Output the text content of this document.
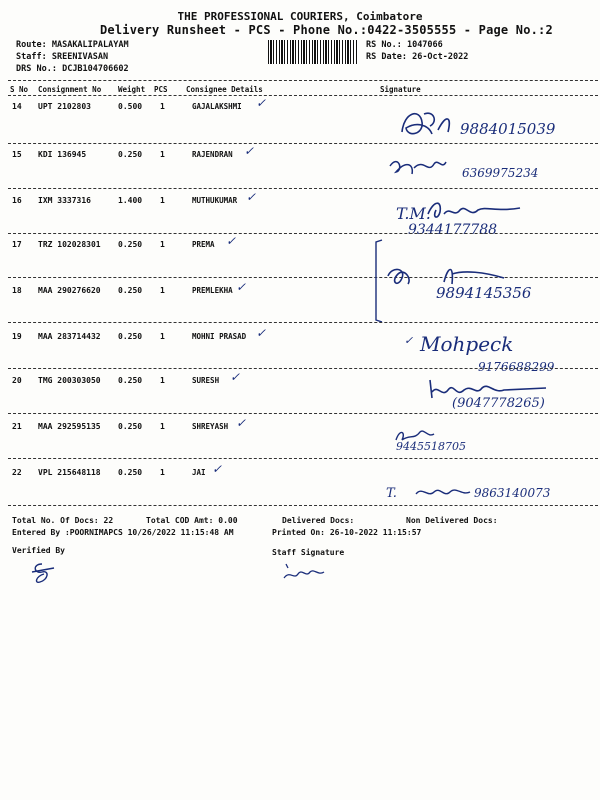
THE PROFESSIONAL COURIERS, Coimbatore
Delivery Runsheet - PCS - Phone No.:0422-3505555 - Page No.:2
Route: MASAKALIPALAYAM
Staff: SREENIVASAN
DRS No.: DCJB104706602
RS No.: 1047066
RS Date: 26-Oct-2022
S No Consignment No Weight PCS Consignee Details	Signature
14 UPT 2102803	0.500 1	GAJALAKSHMI ✓
9884015039
15 KDI 136945	0.250 1	RAJENDRAN ✓
6369975234
16 IXM 3337316	1.400 1	MUTHUKUMAR ✓
T.M.
9344177788
17 TRZ 102028301 0.250 1	PREMA ✓
18 MAA 290276620 0.250 1	PREMLEKHA ✓	9894145356
19 MAA 283714432 0.250 1	MOHNI PRASAD ✓
✓ Mohpeck
9176688299
20 TMG 200303050 0.250 1	SURESH ✓
(9047778265)
21 MAA 292595135 0.250 1	SHREYASH ✓
9445518705
22 VPL 215648118 0.250 1	JAI ✓
T.	9863140073
Total No. Of Docs: 22	Total COD Amt: 0.00	Delivered Docs:	Non Delivered Docs:
Entered By :POORNIMAPCS 10/26/2022 11:15:48 AM	Printed On: 26-10-2022 11:15:57
Verified By	Staff Signature
